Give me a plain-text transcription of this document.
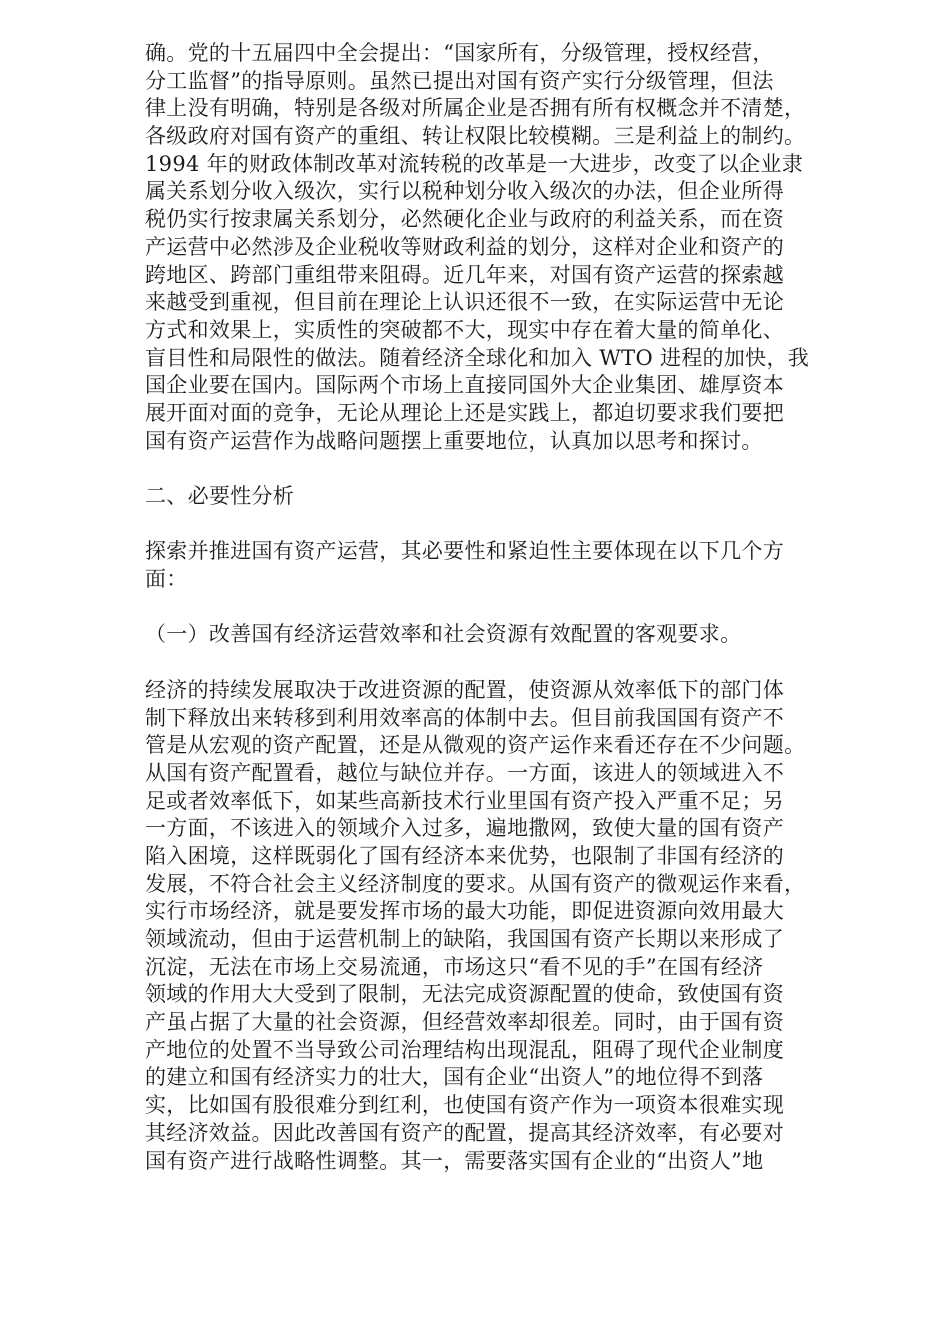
确。党的十五届四中全会提出：“国家所有，分级管理，授权经营，
分工监督”的指导原则。虽然已提出对国有资产实行分级管理，但法
律上没有明确，特别是各级对所属企业是否拥有所有权概念并不清楚，
各级政府对国有资产的重组、转让权限比较模糊。三是利益上的制约。
1994 年的财政体制改革对流转税的改革是一大进步，改变了以企业隶
属关系划分收入级次，实行以税种划分收入级次的办法，但企业所得
税仍实行按隶属关系划分，必然硬化企业与政府的利益关系，而在资
产运营中必然涉及企业税收等财政利益的划分，这样对企业和资产的
跨地区、跨部门重组带来阻碍。近几年来，对国有资产运营的探索越
来越受到重视，但目前在理论上认识还很不一致，在实际运营中无论
方式和效果上，实质性的突破都不大，现实中存在着大量的简单化、
盲目性和局限性的做法。随着经济全球化和加入 WTO 进程的加快，我
国企业要在国内。国际两个市场上直接同国外大企业集团、雄厚资本
展开面对面的竞争，无论从理论上还是实践上，都迫切要求我们要把
国有资产运营作为战略问题摆上重要地位，认真加以思考和探讨。
二、必要性分析
探索并推进国有资产运营，其必要性和紧迫性主要体现在以下几个方
面：
（一）改善国有经济运营效率和社会资源有效配置的客观要求。
经济的持续发展取决于改进资源的配置，使资源从效率低下的部门体
制下释放出来转移到利用效率高的体制中去。但目前我国国有资产不
管是从宏观的资产配置，还是从微观的资产运作来看还存在不少问题。
从国有资产配置看，越位与缺位并存。一方面，该进人的领域进入不
足或者效率低下，如某些高新技术行业里国有资产投入严重不足；另
一方面，不该进入的领域介入过多，遍地撒网，致使大量的国有资产
陷入困境，这样既弱化了国有经济本来优势，也限制了非国有经济的
发展，不符合社会主义经济制度的要求。从国有资产的微观运作来看，
实行市场经济，就是要发挥市场的最大功能，即促进资源向效用最大
领域流动，但由于运营机制上的缺陷，我国国有资产长期以来形成了
沉淀，无法在市场上交易流通，市场这只“看不见的手”在国有经济
领域的作用大大受到了限制，无法完成资源配置的使命，致使国有资
产虽占据了大量的社会资源，但经营效率却很差。同时，由于国有资
产地位的处置不当导致公司治理结构出现混乱，阻碍了现代企业制度
的建立和国有经济实力的壮大，国有企业“出资人”的地位得不到落
实，比如国有股很难分到红利，也使国有资产作为一项资本很难实现
其经济效益。因此改善国有资产的配置，提高其经济效率，有必要对
国有资产进行战略性调整。其一，需要落实国有企业的“出资人”地
